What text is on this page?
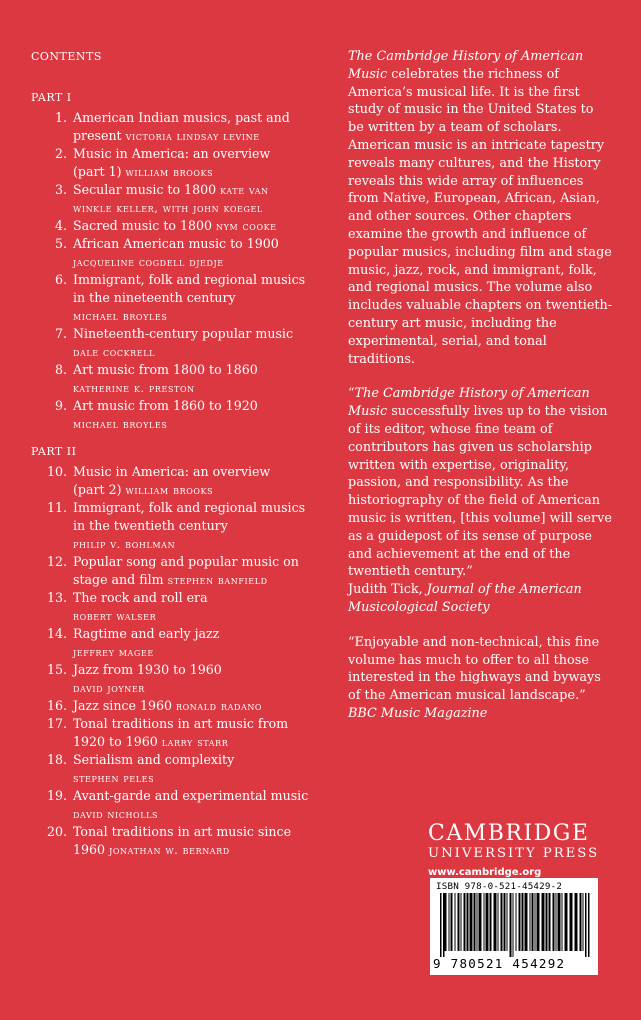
CONTENTS
PART I
1. American Indian musics, past and
present victoria lindsay levine
2. Music in America: an overview
(part 1) william brooks
3. Secular music to 1800 kate van
winkle keller, with john koegel
4. Sacred music to 1800 nym cooke
5. African American music to 1900
jacqueline cogdell djedje
6. Immigrant, folk and regional musics
in the nineteenth century
michael broyles
7. Nineteenth-century popular music
dale cockrell
8. Art music from 1800 to 1860
katherine k. preston
9. Art music from 1860 to 1920
michael broyles
PART II
10. Music in America: an overview
(part 2) william brooks
11. Immigrant, folk and regional musics
in the twentieth century
philip v. bohlman
12. Popular song and popular music on
stage and film stephen banfield
13. The rock and roll era
robert walser
14. Ragtime and early jazz
jeffrey magee
15. Jazz from 1930 to 1960
david joyner
16. Jazz since 1960 ronald radano
17. Tonal traditions in art music from
1920 to 1960 larry starr
18. Serialism and complexity
stephen peles
19. Avant-garde and experimental music
david nicholls
20. Tonal traditions in art music since
1960 jonathan w. bernard

The Cambridge History of American Music celebrates the richness of America’s musical life. It is the first study of music in the United States to be written by a team of scholars. American music is an intricate tapestry reveals many cultures, and the History reveals this wide array of influences from Native, European, African, Asian, and other sources. Other chapters examine the growth and influence of popular musics, including film and stage music, jazz, rock, and immigrant, folk, and regional musics. The volume also includes valuable chapters on twentieth-century art music, including the experimental, serial, and tonal traditions.

“The Cambridge History of American Music successfully lives up to the vision of its editor, whose fine team of contributors has given us scholarship written with expertise, originality, passion, and responsibility. As the historiography of the field of American music is written, [this volume] will serve as a guidepost of its sense of purpose and achievement at the end of the twentieth century.”
Judith Tick, Journal of the American Musicological Society

“Enjoyable and non-technical, this fine volume has much to offer to all those interested in the highways and byways of the American musical landscape.”
BBC Music Magazine

CAMBRIDGE
UNIVERSITY PRESS
www.cambridge.org
ISBN 978-0-521-45429-2
9 780521 454292
